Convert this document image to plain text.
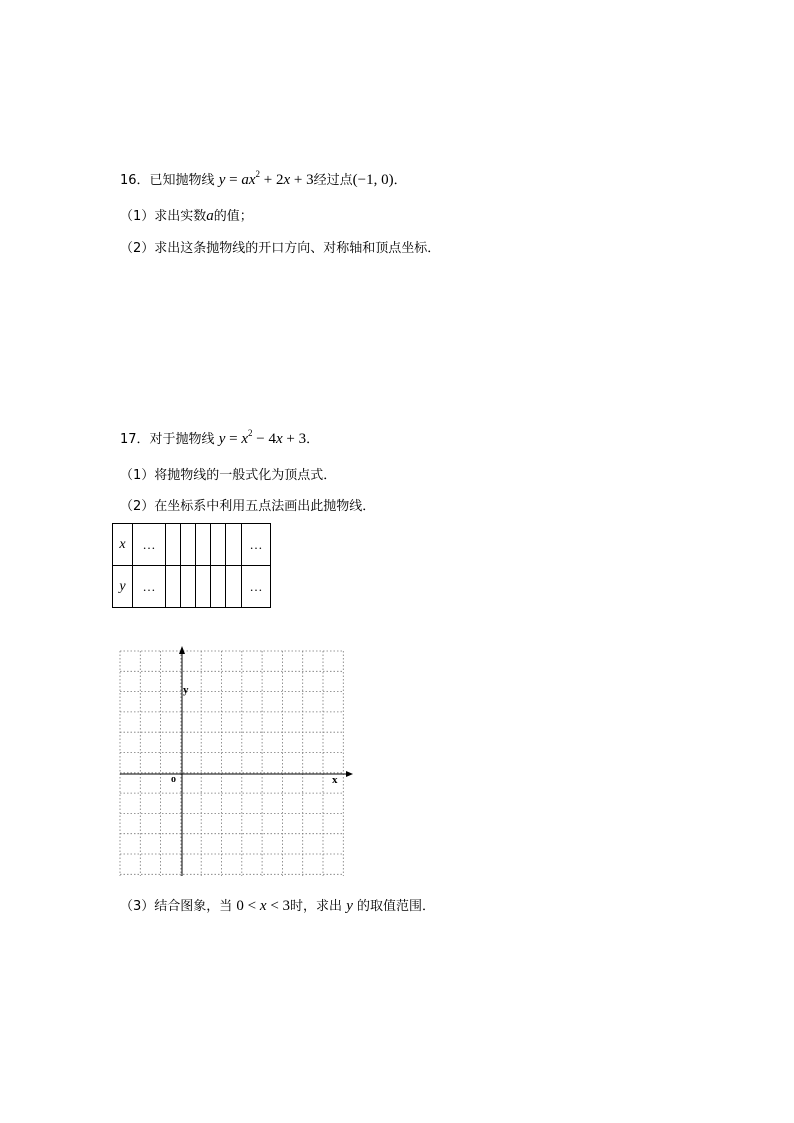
16．已知抛物线 $y = ax^2 + 2x + 3$经过点(−1, 0)．
（1）求出实数a的值；
（2）求出这条抛物线的开口方向、对称轴和顶点坐标．
17．对于抛物线 $y = x^2 - 4x + 3$．
（1）将抛物线的一般式化为顶点式．
（2）在坐标系中利用五点法画出此抛物线．
x	…						…
y	…						…
y
x
o
（3）结合图象，当 0 < x < 3时，求出 y 的取值范围．
